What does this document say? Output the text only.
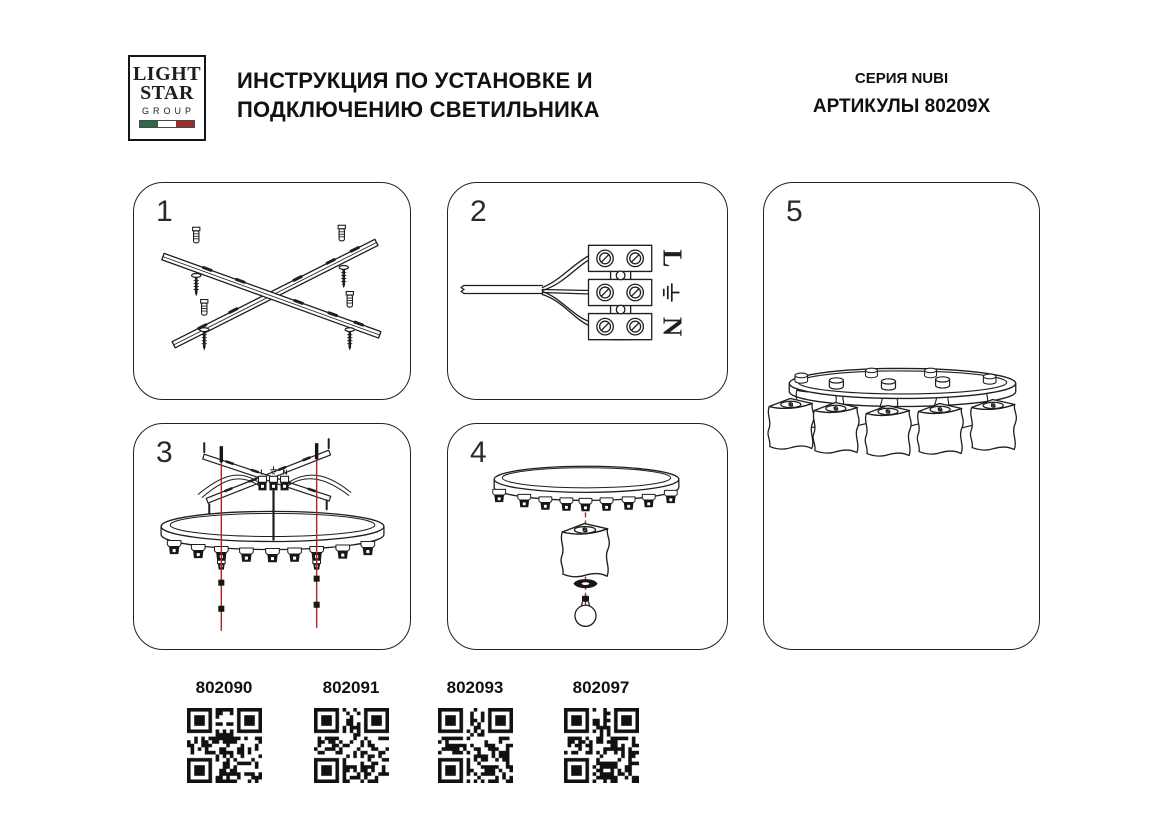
LIGHT
STAR
GROUP
ИНСТРУКЦИЯ ПО УСТАНОВКЕ И
ПОДКЛЮЧЕНИЮ СВЕТИЛЬНИКА
СЕРИЯ NUBI
АРТИКУЛЫ 80209X
1	2
L
N
3
L	N
4
5
802090	802091	802093	802097
